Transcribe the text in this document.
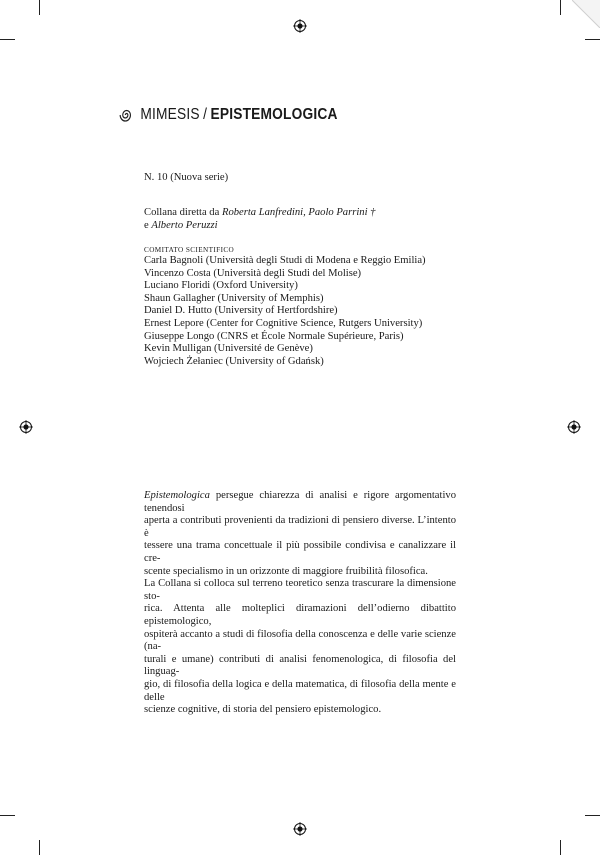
MIMESIS / EPISTEMOLOGICA
N. 10 (Nuova serie)
Collana diretta da Roberta Lanfredini, Paolo Parrini †
e Alberto Peruzzi
COMITATO SCIENTIFICO
Carla Bagnoli (Università degli Studi di Modena e Reggio Emilia)
Vincenzo Costa (Università degli Studi del Molise)
Luciano Floridi (Oxford University)
Shaun Gallagher (University of Memphis)
Daniel D. Hutto (University of Hertfordshire)
Ernest Lepore (Center for Cognitive Science, Rutgers University)
Giuseppe Longo (CNRS et École Normale Supérieure, Paris)
Kevin Mulligan (Université de Genève)
Wojciech Żełaniec (University of Gdańsk)

Epistemologica persegue chiarezza di analisi e rigore argomentativo tenendosi
aperta a contributi provenienti da tradizioni di pensiero diverse. L’intento è
tessere una trama concettuale il più possibile condivisa e canalizzare il cre-
scente specialismo in un orizzonte di maggiore fruibilità filosofica.

La Collana si colloca sul terreno teoretico senza trascurare la dimensione sto-
rica. Attenta alle molteplici diramazioni dell’odierno dibattito epistemologico,
ospiterà accanto a studi di filosofia della conoscenza e delle varie scienze (na-
turali e umane) contributi di analisi fenomenologica, di filosofia del linguag-
gio, di filosofia della logica e della matematica, di filosofia della mente e delle
scienze cognitive, di storia del pensiero epistemologico.
